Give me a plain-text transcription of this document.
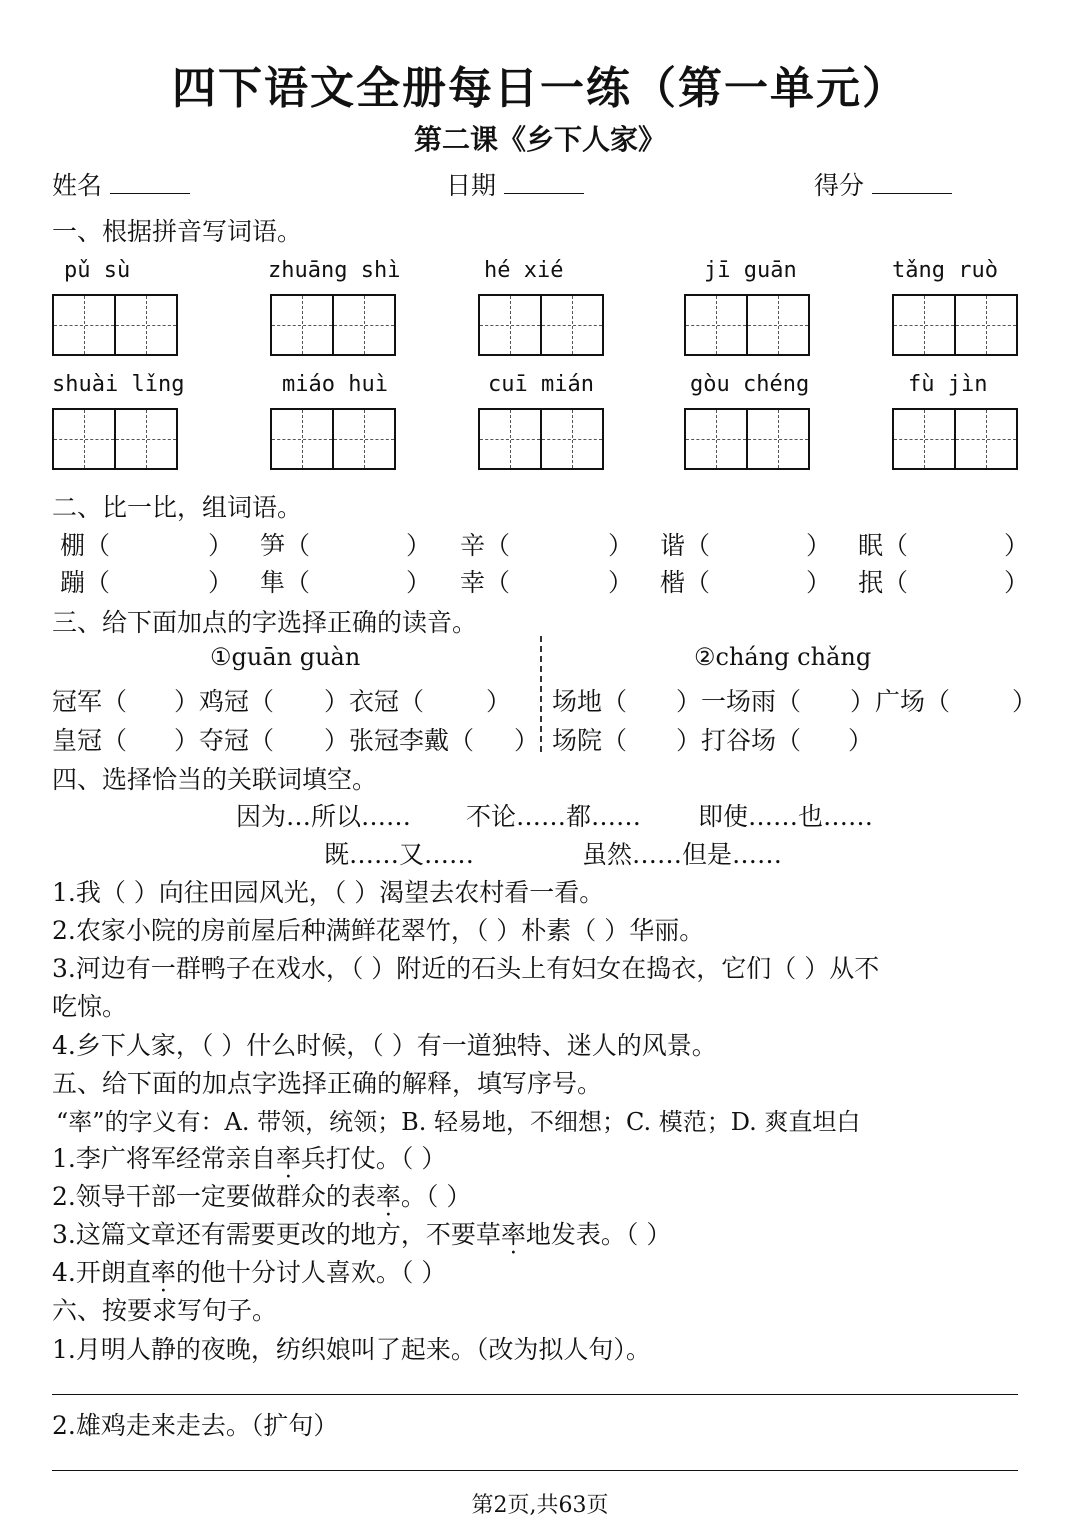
四下语文全册每日一练（第一单元）
第二课《乡下人家》
姓名	日期	得分
一、根据拼音写词语。
pǔ sù	zhuāng shì	hé xié	jī guān	tǎng ruò
shuài lǐng	miáo huì	cuī mián	gòu chéng	fù jìn
二、比一比，组词语。
棚（	） 笋（	） 辛（	） 谐（	） 眠（	）
蹦（	） 隼（	） 幸（	） 楷（	） 抿（	）
三、给下面加点的字选择正确的读音。
①guān guàn	②cháng chǎng
冠军（ ）鸡冠（ ）衣冠（ ）
皇冠（ ）夺冠（ ）张冠李戴（ ）
场地（ ）一场雨（ ）广场（ ）
场院（ ）打谷场（ ）
四、选择恰当的关联词填空。
因为…所以…… 不论……都…… 即使……也……
既……又……	虽然……但是……
1.我（ ）向往田园风光，（ ）渴望去农村看一看。
2.农家小院的房前屋后种满鲜花翠竹，（ ）朴素（ ）华丽。
3.河边有一群鸭子在戏水，（ ）附近的石头上有妇女在捣衣，它们（ ）从不
吃惊。
4.乡下人家，（ ）什么时候，（ ）有一道独特、迷人的风景。
五、给下面的加点字选择正确的解释，填写序号。
“率”的字义有：A. 带领，统领；B. 轻易地，不细想；C. 模范；D. 爽直坦白
1.李广将军经常亲自率兵打仗。（ ）
2.领导干部一定要做群众的表率。（ ）
3.这篇文章还有需要更改的地方，不要草率地发表。（ ）
4.开朗直率的他十分讨人喜欢。（ ）
六、按要求写句子。
1.月明人静的夜晚，纺织娘叫了起来。（改为拟人句）。
2.雄鸡走来走去。（扩句）
第2页,共63页
